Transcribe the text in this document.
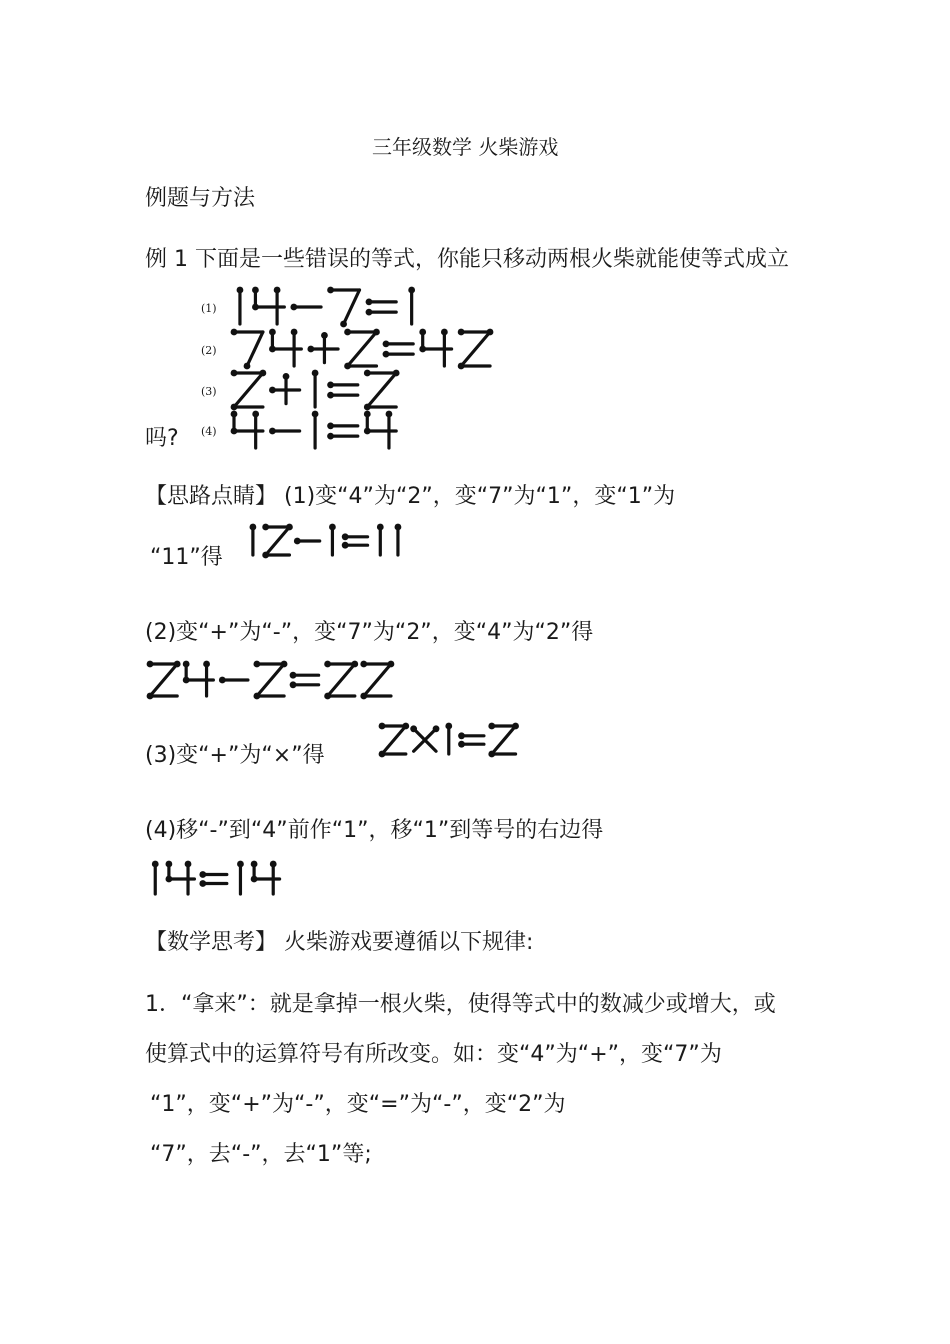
三年级数学 火柴游戏
例题与方法
例 1 下面是一些错误的等式，你能只移动两根火柴就能使等式成立
(1)
(2)
(3)
(4)
吗?
【思路点睛】 (1)变“4”为“2”，变“7”为“1”，变“1”为
“11”得
(2)变“+”为“-”，变“7”为“2”，变“4”为“2”得
(3)变“+”为“×”得
(4)移“-”到“4”前作“1”，移“1”到等号的右边得
【数学思考】 火柴游戏要遵循以下规律:
1．“拿来”：就是拿掉一根火柴，使得等式中的数减少或增大，或
使算式中的运算符号有所改变。如：变“4”为“+”，变“7”为
“1”，变“+”为“-”，变“=”为“-”，变“2”为
“7”，去“-”，去“1”等;
